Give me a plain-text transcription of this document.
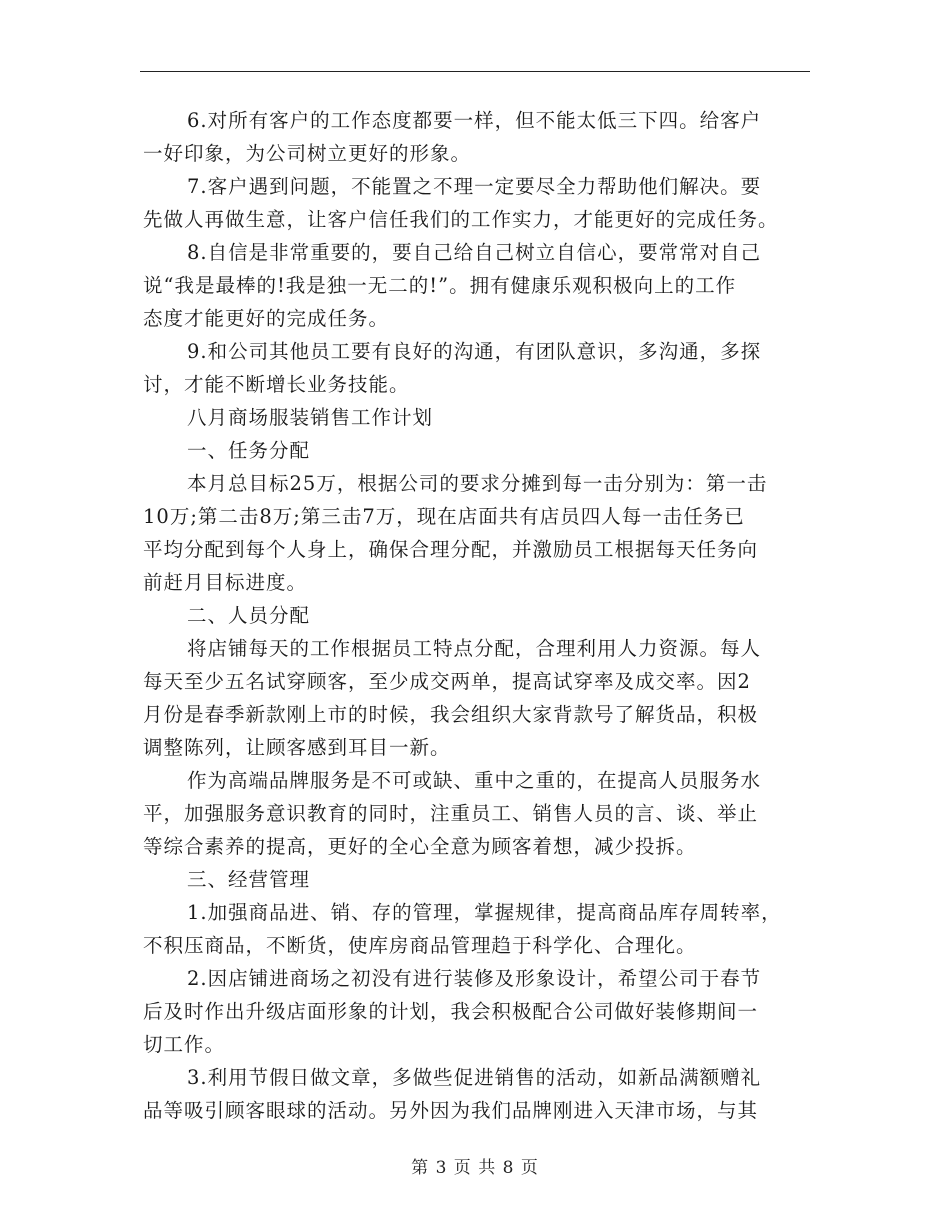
6.对所有客户的工作态度都要一样，但不能太低三下四。给客户
一好印象，为公司树立更好的形象。
7.客户遇到问题，不能置之不理一定要尽全力帮助他们解决。要
先做人再做生意，让客户信任我们的工作实力，才能更好的完成任务。
8.自信是非常重要的，要自己给自己树立自信心，要常常对自己
说“我是最棒的!我是独一无二的!”。拥有健康乐观积极向上的工作
态度才能更好的完成任务。
9.和公司其他员工要有良好的沟通，有团队意识，多沟通，多探
讨，才能不断增长业务技能。
八月商场服装销售工作计划
一、任务分配
本月总目标25万，根据公司的要求分摊到每一击分别为：第一击
10万;第二击8万;第三击7万，现在店面共有店员四人每一击任务已
平均分配到每个人身上，确保合理分配，并激励员工根据每天任务向
前赶月目标进度。
二、人员分配
将店铺每天的工作根据员工特点分配，合理利用人力资源。每人
每天至少五名试穿顾客，至少成交两单，提高试穿率及成交率。因2
月份是春季新款刚上市的时候，我会组织大家背款号了解货品，积极
调整陈列，让顾客感到耳目一新。
作为高端品牌服务是不可或缺、重中之重的，在提高人员服务水
平，加强服务意识教育的同时，注重员工、销售人员的言、谈、举止
等综合素养的提高，更好的全心全意为顾客着想，减少投拆。
三、经营管理
1.加强商品进、销、存的管理，掌握规律，提高商品库存周转率，
不积压商品，不断货，使库房商品管理趋于科学化、合理化。
2.因店铺进商场之初没有进行装修及形象设计，希望公司于春节
后及时作出升级店面形象的计划，我会积极配合公司做好装修期间一
切工作。
3.利用节假日做文章，多做些促进销售的活动，如新品满额赠礼
品等吸引顾客眼球的活动。另外因为我们品牌刚进入天津市场，与其
第 3 页 共 8 页
